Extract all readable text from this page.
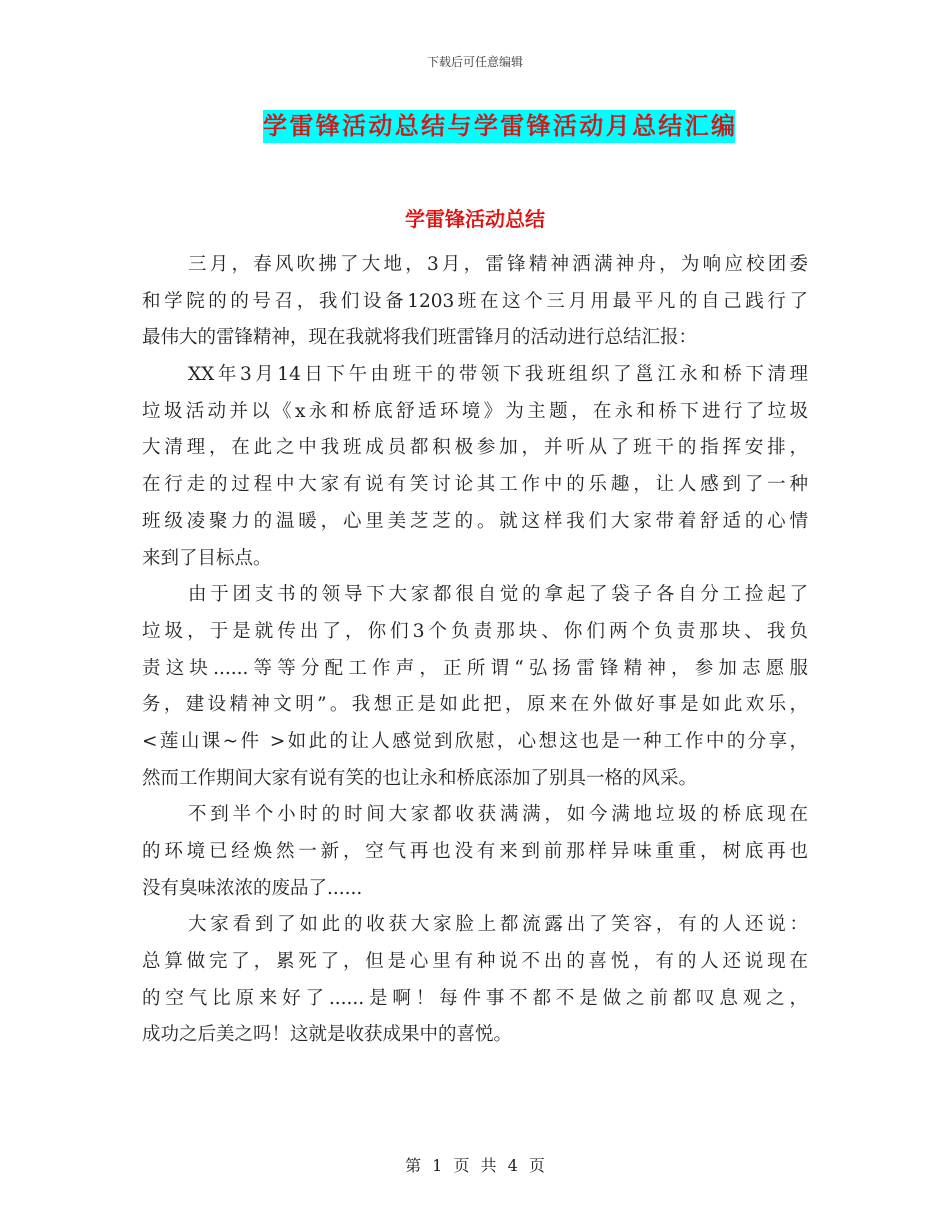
下载后可任意编辑
学雷锋活动总结与学雷锋活动月总结汇编
学雷锋活动总结
三月，春风吹拂了大地，3月，雷锋精神洒满神舟，为响应校团委
和学院的的号召，我们设备1203班在这个三月用最平凡的自己践行了
最伟大的雷锋精神，现在我就将我们班雷锋月的活动进行总结汇报：
XX年3月14日下午由班干的带领下我班组织了邕江永和桥下清理
垃圾活动并以《x永和桥底舒适环境》为主题，在永和桥下进行了垃圾
大清理，在此之中我班成员都积极参加，并听从了班干的指挥安排，
在行走的过程中大家有说有笑讨论其工作中的乐趣，让人感到了一种
班级凌聚力的温暖，心里美芝芝的。就这样我们大家带着舒适的心情
来到了目标点。
由于团支书的领导下大家都很自觉的拿起了袋子各自分工捡起了
垃圾，于是就传出了，你们3个负责那块、你们两个负责那块、我负
责这块......等等分配工作声，正所谓“弘扬雷锋精神，参加志愿服
务，建设精神文明”。我想正是如此把，原来在外做好事是如此欢乐，
<莲山课~件 >如此的让人感觉到欣慰，心想这也是一种工作中的分享，
然而工作期间大家有说有笑的也让永和桥底添加了别具一格的风采。
不到半个小时的时间大家都收获满满，如今满地垃圾的桥底现在
的环境已经焕然一新，空气再也没有来到前那样异味重重，树底再也
没有臭味浓浓的废品了......
大家看到了如此的收获大家脸上都流露出了笑容，有的人还说：
总算做完了，累死了，但是心里有种说不出的喜悦，有的人还说现在
的空气比原来好了......是啊！每件事不都不是做之前都叹息观之，
成功之后美之吗！这就是收获成果中的喜悦。
第 1 页 共 4 页
